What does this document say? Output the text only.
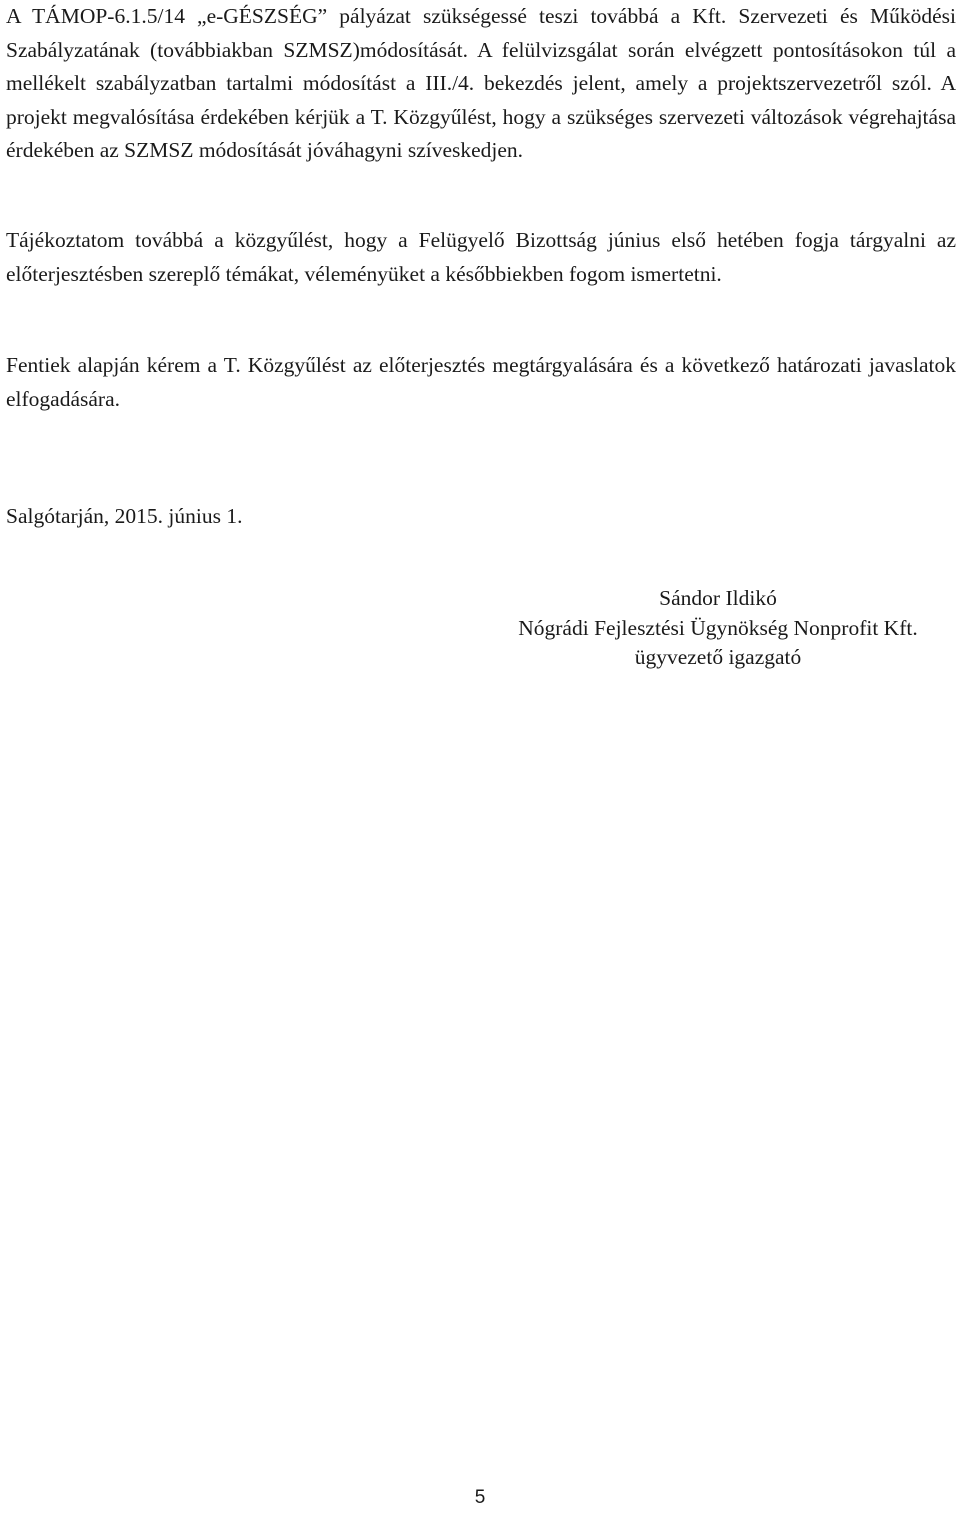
A TÁMOP-6.1.5/14 „e-GÉSZSÉG” pályázat szükségessé teszi továbbá a Kft. Szervezeti és Működési Szabályzatának (továbbiakban SZMSZ)módosítását. A felülvizsgálat során elvégzett pontosításokon túl a mellékelt szabályzatban tartalmi módosítást a III./4. bekezdés jelent, amely a projektszervezetről szól. A projekt megvalósítása érdekében kérjük a T. Közgyűlést, hogy a szükséges szervezeti változások végrehajtása érdekében az SZMSZ módosítását jóváhagyni szíveskedjen.

Tájékoztatom továbbá a közgyűlést, hogy a Felügyelő Bizottság június első hetében fogja tárgyalni az előterjesztésben szereplő témákat, véleményüket a későbbiekben fogom ismertetni.

Fentiek alapján kérem a T. Közgyűlést az előterjesztés megtárgyalására és a következő határozati javaslatok elfogadására.

Salgótarján, 2015. június 1.

Sándor Ildikó
Nógrádi Fejlesztési Ügynökség Nonprofit Kft.
ügyvezető igazgató
5
